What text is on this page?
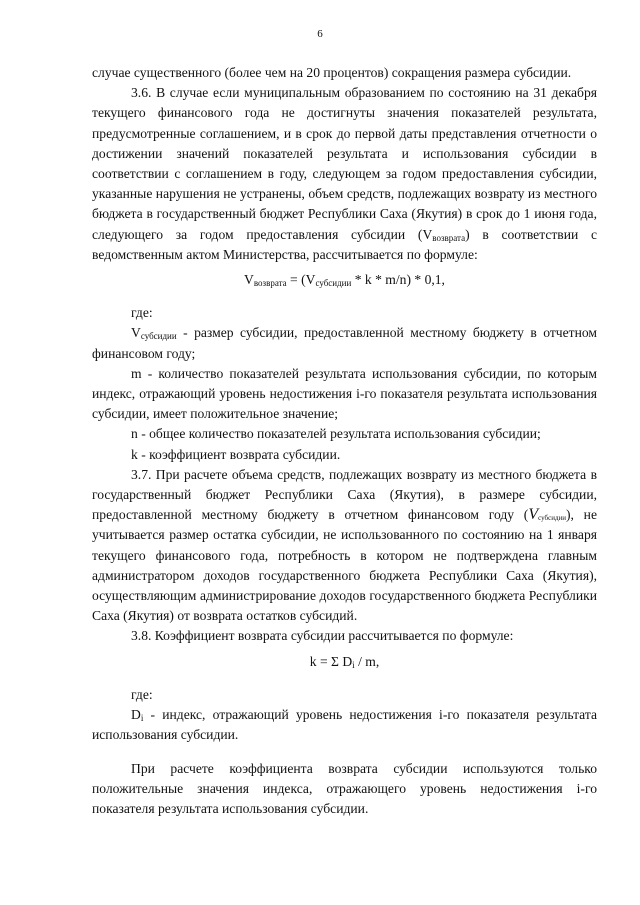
6

случае существенного (более чем на 20 процентов) сокращения размера субсидии.

3.6. В случае если муниципальным образованием по состоянию на 31 декабря текущего финансового года не достигнуты значения показателей результата, предусмотренные соглашением, и в срок до первой даты представления отчетности о достижении значений показателей результата и использования субсидии в соответствии с соглашением в году, следующем за годом предоставления субсидии, указанные нарушения не устранены, объем средств, подлежащих возврату из местного бюджета в государственный бюджет Республики Саха (Якутия) в срок до 1 июня года, следующего за годом предоставления субсидии $(V_{возврата})$ в соответствии с ведомственным актом Министерства, рассчитывается по формуле:

$V_{возврата} = (V_{субсидии} * k * m/n) * 0,1$,

где:

$V_{субсидии}$ - размер субсидии, предоставленной местному бюджету в отчетном финансовом году;

m - количество показателей результата использования субсидии, по которым индекс, отражающий уровень недостижения i-го показателя результата использования субсидии, имеет положительное значение;

n - общее количество показателей результата использования субсидии;

k - коэффициент возврата субсидии.

3.7. При расчете объема средств, подлежащих возврату из местного бюджета в государственный бюджет Республики Саха (Якутия), в размере субсидии, предоставленной местному бюджету в отчетном финансовом году (Vсубсидии), не учитывается размер остатка субсидии, не использованного по состоянию на 1 января текущего финансового года, потребность в котором не подтверждена главным администратором доходов государственного бюджета Республики Саха (Якутия), осуществляющим администрирование доходов государственного бюджета Республики Саха (Якутия) от возврата остатков субсидий.

3.8. Коэффициент возврата субсидии рассчитывается по формуле:

k = Σ $D_i$ / m,

где:

$D_i$ - индекс, отражающий уровень недостижения i-го показателя результата использования субсидии.

При расчете коэффициента возврата субсидии используются только положительные значения индекса, отражающего уровень недостижения i-го показателя результата использования субсидии.
